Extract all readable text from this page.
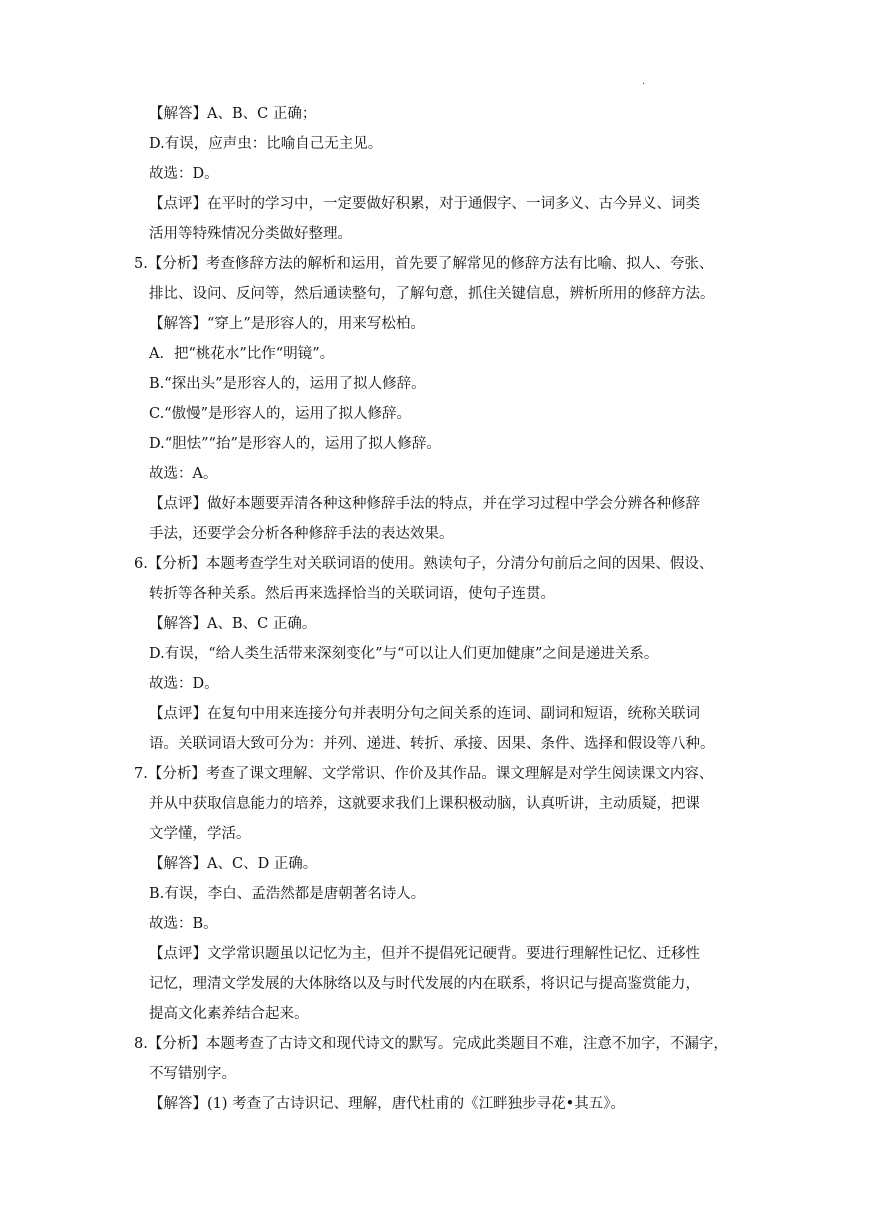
.
【解答】A、B、C 正确；
D.有误，应声虫：比喻自己无主见。
故选：D。
【点评】在平时的学习中，一定要做好积累，对于通假字、一词多义、古今异义、词类
活用等特殊情况分类做好整理。
5.【分析】考查修辞方法的解析和运用，首先要了解常见的修辞方法有比喻、拟人、夸张、
排比、设问、反问等，然后通读整句，了解句意，抓住关键信息，辨析所用的修辞方法。
【解答】“穿上”是形容人的，用来写松柏。
A．把“桃花水”比作“明镜”。
B.“探出头”是形容人的，运用了拟人修辞。
C.“傲慢”是形容人的，运用了拟人修辞。
D.“胆怯”“抬”是形容人的，运用了拟人修辞。
故选：A。
【点评】做好本题要弄清各种这种修辞手法的特点，并在学习过程中学会分辨各种修辞
手法，还要学会分析各种修辞手法的表达效果。
6.【分析】本题考查学生对关联词语的使用。熟读句子，分清分句前后之间的因果、假设、
转折等各种关系。然后再来选择恰当的关联词语，使句子连贯。
【解答】A、B、C 正确。
D.有误，“给人类生活带来深刻变化”与“可以让人们更加健康”之间是递进关系。
故选：D。
【点评】在复句中用来连接分句并表明分句之间关系的连词、副词和短语，统称关联词
语。关联词语大致可分为：并列、递进、转折、承接、因果、条件、选择和假设等八种。
7.【分析】考查了课文理解、文学常识、作价及其作品。课文理解是对学生阅读课文内容、
并从中获取信息能力的培养，这就要求我们上课积极动脑，认真听讲，主动质疑，把课
文学懂，学活。
【解答】A、C、D 正确。
B.有误，李白、孟浩然都是唐朝著名诗人。
故选：B。
【点评】文学常识题虽以记忆为主，但并不提倡死记硬背。要进行理解性记忆、迁移性
记忆，理清文学发展的大体脉络以及与时代发展的内在联系，将识记与提高鉴赏能力，
提高文化素养结合起来。
8.【分析】本题考查了古诗文和现代诗文的默写。完成此类题目不难，注意不加字，不漏字，
不写错别字。
【解答】(1) 考查了古诗识记、理解，唐代杜甫的《江畔独步寻花•其五》。
